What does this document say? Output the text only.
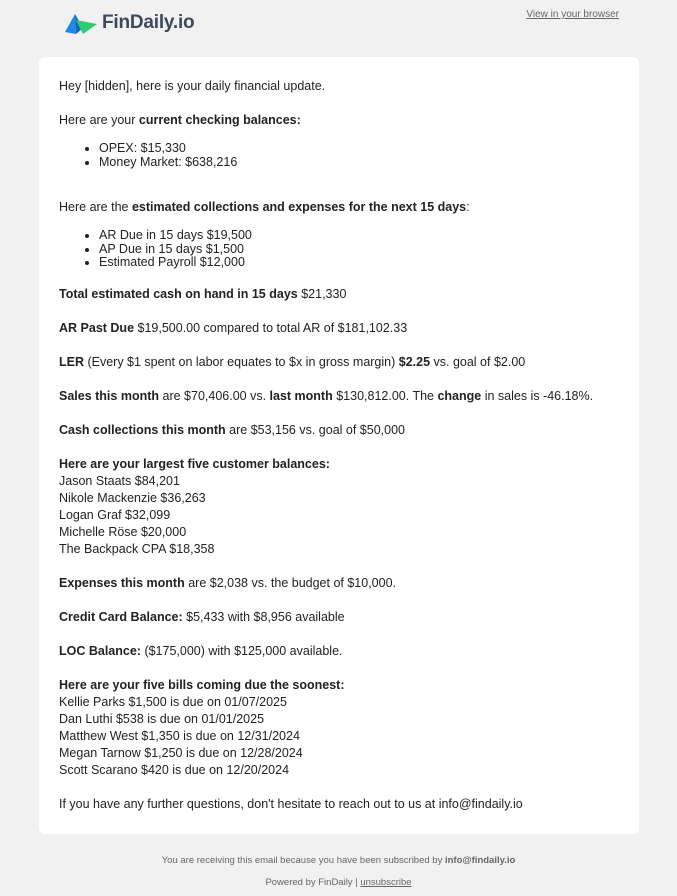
FinDaily.io	View in your browser

Hey [hidden], here is your daily financial update.

Here are your current checking balances:

• OPEX: $15,330
• Money Market: $638,216

Here are the estimated collections and expenses for the next 15 days:

• AR Due in 15 days $19,500
• AP Due in 15 days $1,500
• Estimated Payroll $12,000

Total estimated cash on hand in 15 days $21,330

AR Past Due $19,500.00 compared to total AR of $181,102.33

LER (Every $1 spent on labor equates to $x in gross margin) $2.25 vs. goal of $2.00

Sales this month are $70,406.00 vs. last month $130,812.00. The change in sales is -46.18%.

Cash collections this month are $53,156 vs. goal of $50,000

Here are your largest five customer balances:

Jason Staats $84,201

Nikole Mackenzie $36,263

Logan Graf $32,099

Michelle Röse $20,000

The Backpack CPA $18,358

Expenses this month are $2,038 vs. the budget of $10,000.

Credit Card Balance: $5,433 with $8,956 available

LOC Balance: ($175,000) with $125,000 available.

Here are your five bills coming due the soonest:

Kellie Parks $1,500 is due on 01/07/2025

Dan Luthi $538 is due on 01/01/2025

Matthew West $1,350 is due on 12/31/2024

Megan Tarnow $1,250 is due on 12/28/2024

Scott Scarano $420 is due on 12/20/2024

If you have any further questions, don't hesitate to reach out to us at info@findaily.io

You are receiving this email because you have been subscribed by info@findaily.io
Powered by FinDaily | unsubscribe
